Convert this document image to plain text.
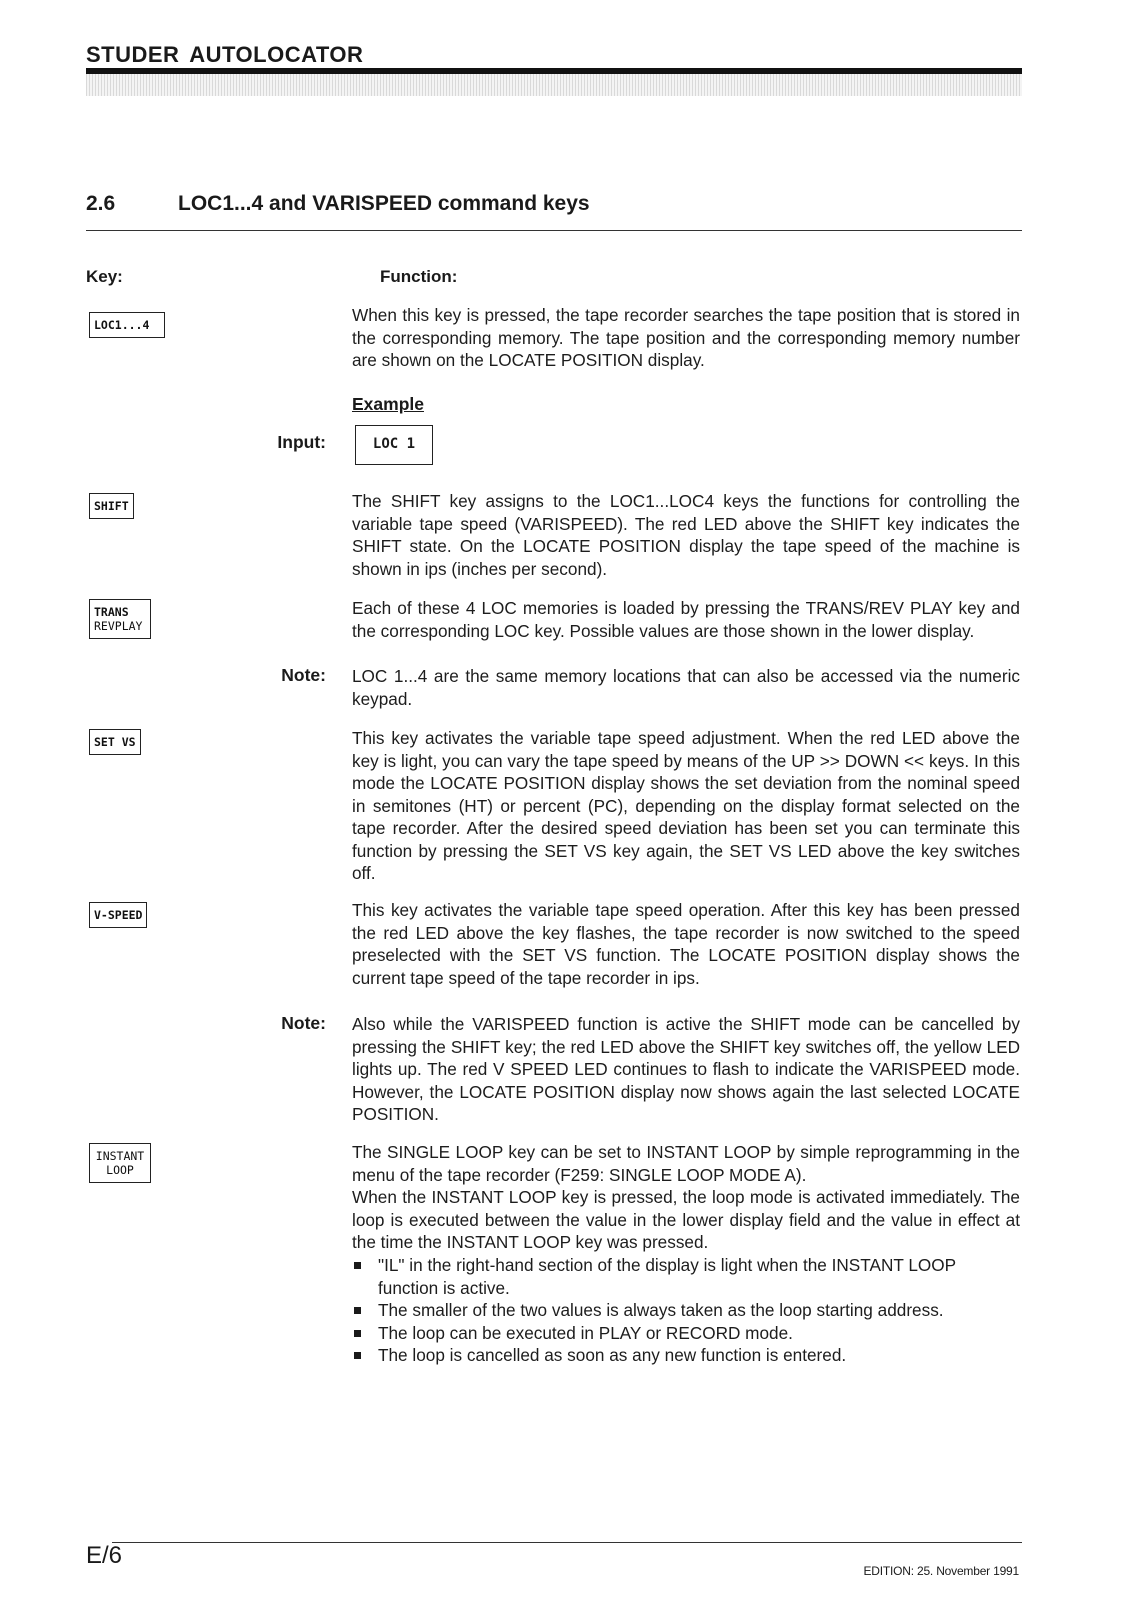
STUDER AUTOLOCATOR
2.6	LOC1...4 and VARISPEED command keys
Key:	Function:
LOC1...4
SHIFT
TRANS
REVPLAY
SET VS
V-SPEED
INSTANT
LOOP
Input:
Note:
Note:

When this key is pressed, the tape recorder searches the tape position that is stored in the corresponding memory. The tape position and the corresponding memory number are shown on the LOCATE POSITION display.

Example
LOC 1

The SHIFT key assigns to the LOC1...LOC4 keys the functions for controlling the variable tape speed (VARISPEED). The red LED above the SHIFT key indicates the SHIFT state. On the LOCATE POSITION display the tape speed of the machine is shown in ips (inches per second).

Each of these 4 LOC memories is loaded by pressing the TRANS/REV PLAY key and the corresponding LOC key. Possible values are those shown in the lower display.

LOC 1...4 are the same memory locations that can also be accessed via the numeric keypad.

This key activates the variable tape speed adjustment. When the red LED above the key is light, you can vary the tape speed by means of the UP >> DOWN << keys. In this mode the LOCATE POSITION display shows the set deviation from the nominal speed in semitones (HT) or percent (PC), depending on the display format selected on the tape recorder. After the desired speed deviation has been set you can terminate this function by pressing the SET VS key again, the SET VS LED above the key switches off.

This key activates the variable tape speed operation. After this key has been pressed the red LED above the key flashes, the tape recorder is now switched to the speed preselected with the SET VS function. The LOCATE POSITION display shows the current tape speed of the tape recorder in ips.

Also while the VARISPEED function is active the SHIFT mode can be cancelled by pressing the SHIFT key; the red LED above the SHIFT key switches off, the yellow LED lights up. The red V SPEED LED continues to flash to indicate the VARISPEED mode. However, the LOCATE POSITION display now shows again the last selected LOCATE POSITION.

The SINGLE LOOP key can be set to INSTANT LOOP by simple reprogramming in the menu of the tape recorder (F259: SINGLE LOOP MODE A).

When the INSTANT LOOP key is pressed, the loop mode is activated immediately. The loop is executed between the value in the lower display field and the value in effect at the time the INSTANT LOOP key was pressed.

"IL" in the right-hand section of the display is light when the INSTANT LOOP function is active.
The smaller of the two values is always taken as the loop starting address.
The loop can be executed in PLAY or RECORD mode.
The loop is cancelled as soon as any new function is entered.
E/6
EDITION: 25. November 1991
